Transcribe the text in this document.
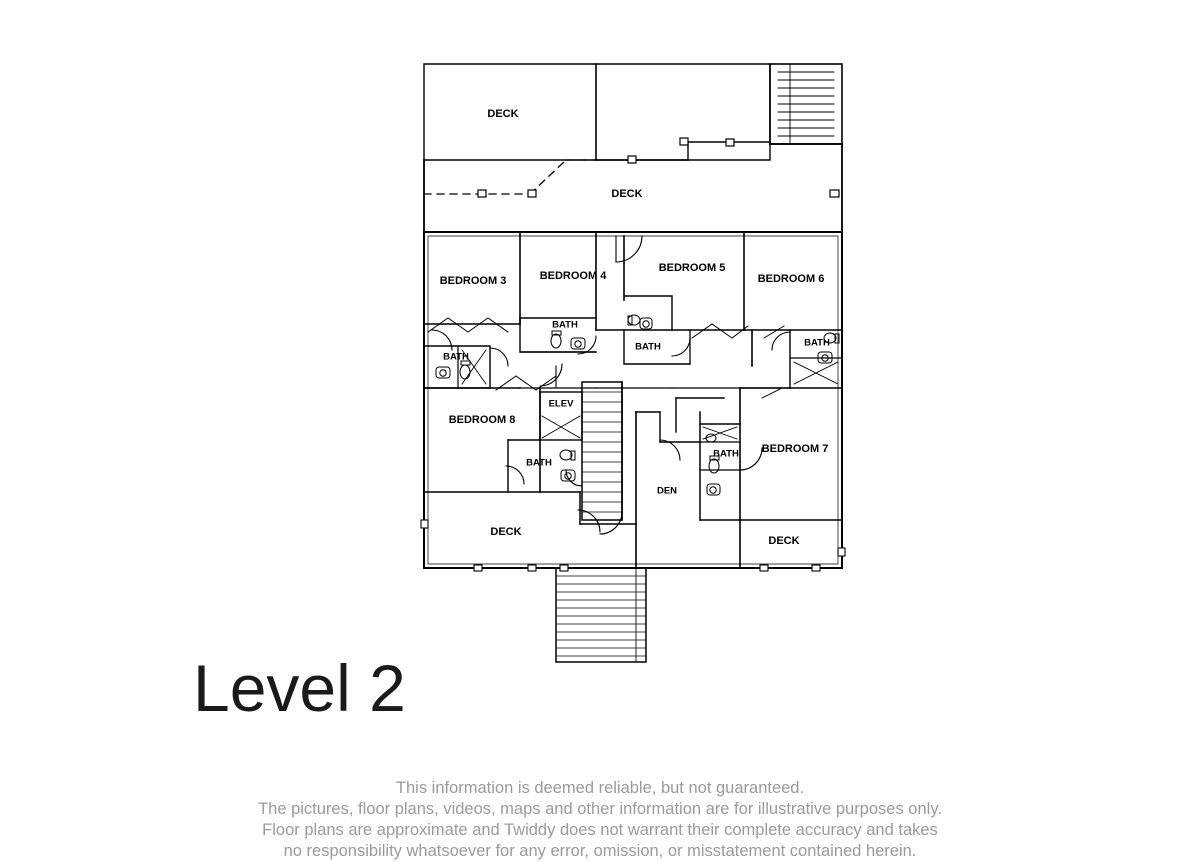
DECK
DECK
BEDROOM 3	BEDROOM 4
BEDROOM 5
BEDROOM 6
BATH
BATH
BATH	BATH
BEDROOM 8
ELEV
BATH
BEDROOM 7
BATH
DEN
DECK
DECK
Level 2
This information is deemed reliable, but not guaranteed.
The pictures, floor plans, videos, maps and other information are for illustrative purposes only.
Floor plans are approximate and Twiddy does not warrant their complete accuracy and takes
no responsibility whatsoever for any error, omission, or misstatement contained herein.
